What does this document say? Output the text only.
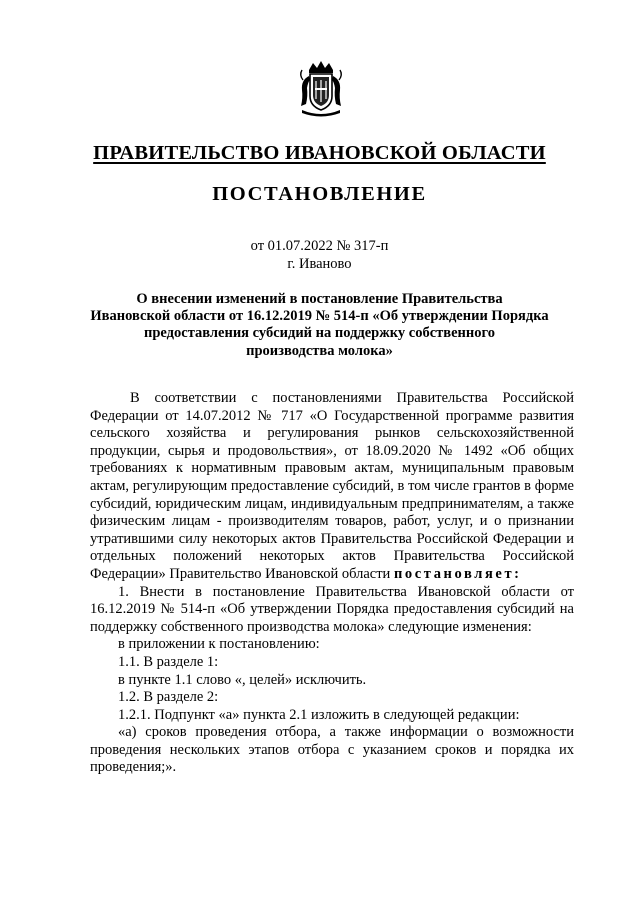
ПРАВИТЕЛЬСТВО ИВАНОВСКОЙ ОБЛАСТИ
ПОСТАНОВЛЕНИЕ
от 01.07.2022 № 317-п
г. Иваново
О внесении изменений в постановление Правительства
Ивановской области от 16.12.2019 № 514-п «Об утверждении Порядка
предоставления субсидий на поддержку собственного
производства молока»

В соответствии с постановлениями Правительства Российской Федерации от 14.07.2012 № 717 «О Государственной программе развития сельского хозяйства и регулирования рынков сельскохозяйственной продукции, сырья и продовольствия», от 18.09.2020 № 1492 «Об общих требованиях к нормативным правовым актам, муниципальным правовым актам, регулирующим предоставление субсидий, в том числе грантов в форме субсидий, юридическим лицам, индивидуальным предпринимателям, а также физическим лицам - производителям товаров, работ, услуг, и о признании утратившими силу некоторых актов Правительства Российской Федерации и отдельных положений некоторых актов Правительства Российской Федерации» Правительство Ивановской области постановляет:

1. Внести в постановление Правительства Ивановской области от 16.12.2019 № 514-п «Об утверждении Порядка предоставления субсидий на поддержку собственного производства молока» следующие изменения:

в приложении к постановлению:

1.1. В разделе 1:

в пункте 1.1 слово «, целей» исключить.

1.2. В разделе 2:

1.2.1. Подпункт «а» пункта 2.1 изложить в следующей редакции:

«а) сроков проведения отбора, а также информации о возможности проведения нескольких этапов отбора с указанием сроков и порядка их проведения;».
